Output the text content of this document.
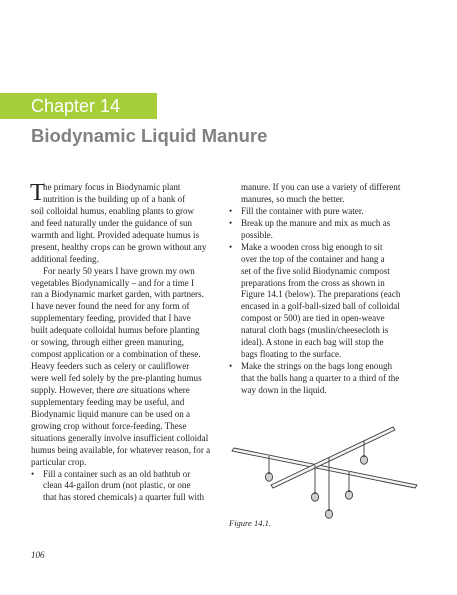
Chapter 14
Biodynamic Liquid Manure
T
he primary focus in Biodynamic plant
nutrition is the building up of a bank of
soil colloidal humus, enabling plants to grow
and feed naturally under the guidance of sun
warmth and light. Provided adequate humus is
present, healthy crops can be grown without any
additional feeding.
For nearly 50 years I have grown my own
vegetables Biodynamically – and for a time I
ran a Biodynamic market garden, with partners.
I have never found the need for any form of
supplementary feeding, provided that I have
built adequate colloidal humus before planting
or sowing, through either green manuring,
compost application or a combination of these.
Heavy feeders such as celery or cauliflower
were well fed solely by the pre-planting humus
supply. However, there are situations where
supplementary feeding may be useful, and
Biodynamic liquid manure can be used on a
growing crop without force-feeding. These
situations generally involve insufficient colloidal
humus being available, for whatever reason, for a
particular crop.
• Fill a container such as an old bathtub or
clean 44-gallon drum (not plastic, or one
that has stored chemicals) a quarter full with
manure. If you can use a variety of different
manures, so much the better.
• Fill the container with pure water.
• Break up the manure and mix as much as
possible.
• Make a wooden cross big enough to sit
over the top of the container and hang a
set of the five solid Biodynamic compost
preparations from the cross as shown in
Figure 14.1 (below). The preparations (each
encased in a golf-ball-sized ball of colloidal
compost or 500) are tied in open-weave
natural cloth bags (muslin/cheesecloth is
ideal). A stone in each bag will stop the
bags floating to the surface.
• Make the strings on the bags long enough
that the balls hang a quarter to a third of the
way down in the liquid.
Figure 14.1.
106
